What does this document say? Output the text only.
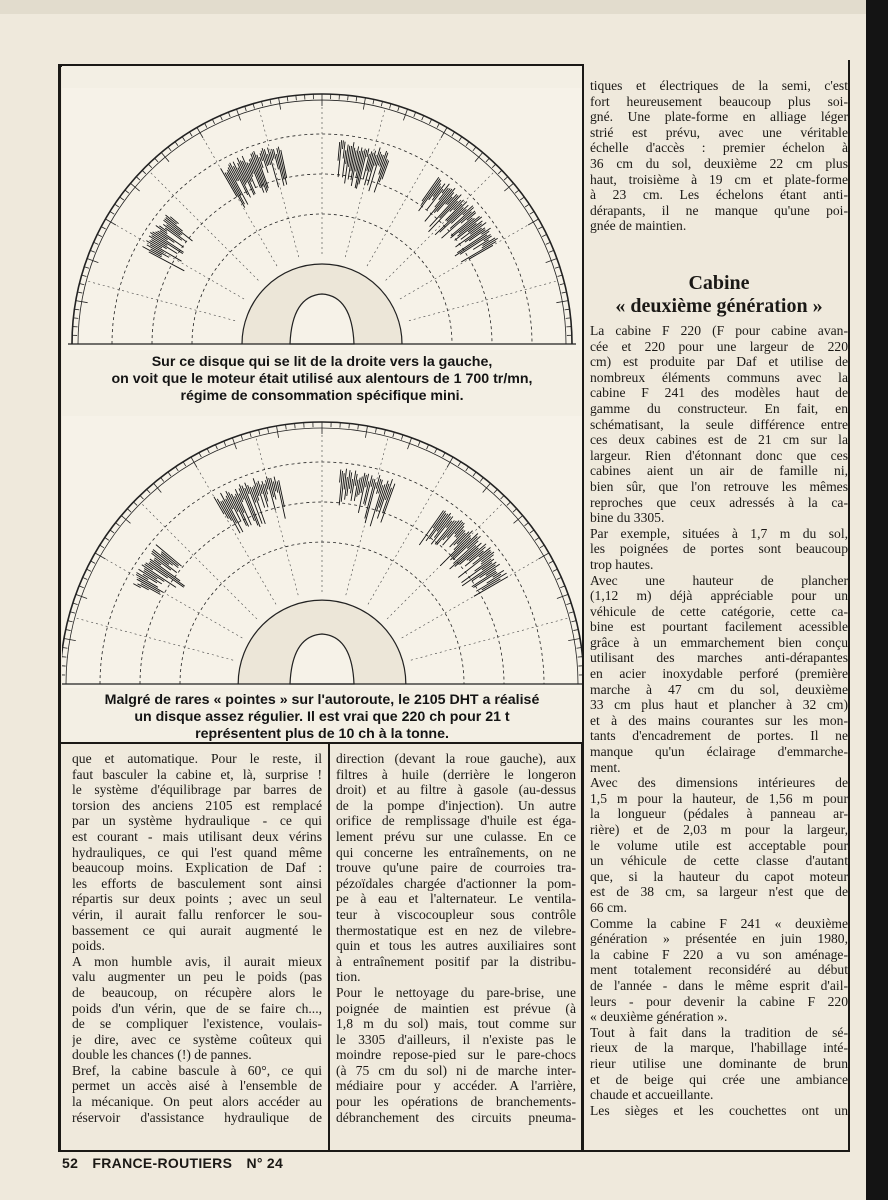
Sur ce disque qui se lit de la droite vers la gauche,
on voit que le moteur était utilisé aux alentours de 1 700 tr/mn,
régime de consommation spécifique mini.
Malgré de rares « pointes » sur l'autoroute, le 2105 DHT a réalisé
un disque assez régulier. Il est vrai que 220 ch pour 21 t
représentent plus de 10 ch à la tonne.
que et automatique. Pour le reste, il
faut basculer la cabine et, là, surprise !
le système d'équilibrage par barres de
torsion des anciens 2105 est remplacé
par un système hydraulique - ce qui
est courant - mais utilisant deux vérins
hydrauliques, ce qui l'est quand même
beaucoup moins. Explication de Daf :
les efforts de basculement sont ainsi
répartis sur deux points ; avec un seul
vérin, il aurait fallu renforcer le sou-
bassement ce qui aurait augmenté le
poids.
A mon humble avis, il aurait mieux
valu augmenter un peu le poids (pas
de beaucoup, on récupère alors le
poids d'un vérin, que de se faire ch...,
de se compliquer l'existence, voulais-
je dire, avec ce système coûteux qui
double les chances (!) de pannes.
Bref, la cabine bascule à 60°, ce qui
permet un accès aisé à l'ensemble de
la mécanique. On peut alors accéder au
réservoir d'assistance hydraulique de
direction (devant la roue gauche), aux
filtres à huile (derrière le longeron
droit) et au filtre à gasole (au-dessus
de la pompe d'injection). Un autre
orifice de remplissage d'huile est éga-
lement prévu sur une culasse. En ce
qui concerne les entraînements, on ne
trouve qu'une paire de courroies tra-
pézoïdales chargée d'actionner la pom-
pe à eau et l'alternateur. Le ventila-
teur à viscocoupleur sous contrôle
thermostatique est en nez de vilebre-
quin et tous les autres auxiliaires sont
à entraînement positif par la distribu-
tion.
Pour le nettoyage du pare-brise, une
poignée de maintien est prévue (à
1,8 m du sol) mais, tout comme sur
le 3305 d'ailleurs, il n'existe pas le
moindre repose-pied sur le pare-chocs
(à 75 cm du sol) ni de marche inter-
médiaire pour y accéder. A l'arrière,
pour les opérations de branchements-
débranchement des circuits pneuma-
tiques et électriques de la semi, c'est
fort heureusement beaucoup plus soi-
gné. Une plate-forme en alliage léger
strié est prévu, avec une véritable
échelle d'accès : premier échelon à
36 cm du sol, deuxième 22 cm plus
haut, troisième à 19 cm et plate-forme
à 23 cm. Les échelons étant anti-
dérapants, il ne manque qu'une poi-
gnée de maintien.
Cabine
« deuxième génération »
La cabine F 220 (F pour cabine avan-
cée et 220 pour une largeur de 220
cm) est produite par Daf et utilise de
nombreux éléments communs avec la
cabine F 241 des modèles haut de
gamme du constructeur. En fait, en
schématisant, la seule différence entre
ces deux cabines est de 21 cm sur la
largeur. Rien d'étonnant donc que ces
cabines aient un air de famille ni,
bien sûr, que l'on retrouve les mêmes
reproches que ceux adressés à la ca-
bine du 3305.
Par exemple, situées à 1,7 m du sol,
les poignées de portes sont beaucoup
trop hautes.
Avec une hauteur de plancher
(1,12 m) déjà appréciable pour un
véhicule de cette catégorie, cette ca-
bine est pourtant facilement acessible
grâce à un emmarchement bien conçu
utilisant des marches anti-dérapantes
en acier inoxydable perforé (première
marche à 47 cm du sol, deuxième
33 cm plus haut et plancher à 32 cm)
et à des mains courantes sur les mon-
tants d'encadrement de portes. Il ne
manque qu'un éclairage d'emmarche-
ment.
Avec des dimensions intérieures de
1,5 m pour la hauteur, de 1,56 m pour
la longueur (pédales à panneau ar-
rière) et de 2,03 m pour la largeur,
le volume utile est acceptable pour
un véhicule de cette classe d'autant
que, si la hauteur du capot moteur
est de 38 cm, sa largeur n'est que de
66 cm.
Comme la cabine F 241 « deuxième
génération » présentée en juin 1980,
la cabine F 220 a vu son aménage-
ment totalement reconsidéré au début
de l'année - dans le même esprit d'ail-
leurs - pour devenir la cabine F 220
« deuxième génération ».
Tout à fait dans la tradition de sé-
rieux de la marque, l'habillage inté-
rieur utilise une dominante de brun
et de beige qui crée une ambiance
chaude et accueillante.
Les sièges et les couchettes ont un
52 FRANCE-ROUTIERS N° 24
